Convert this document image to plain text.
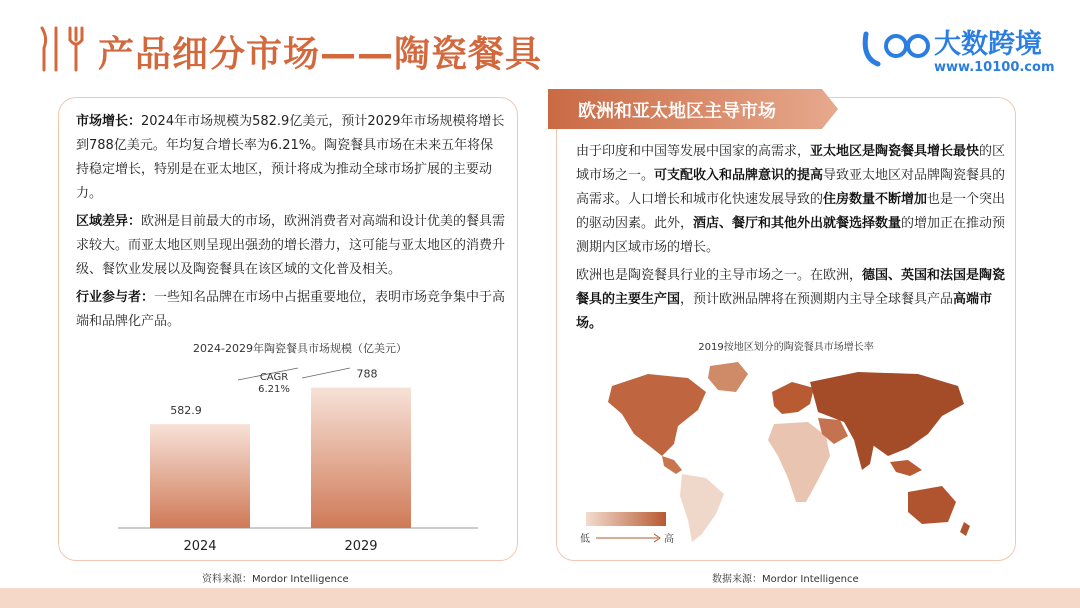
产品细分市场——陶瓷餐具	大数跨境
www.10100.com

市场增长：2024年市场规模为582.9亿美元，预计2029年市场规模将增长到788亿美元。年均复合增长率为6.21%。陶瓷餐具市场在未来五年将保持稳定增长，特别是在亚太地区，预计将成为推动全球市场扩展的主要动力。

区域差异：欧洲是目前最大的市场，欧洲消费者对高端和设计优美的餐具需求较大。而亚太地区则呈现出强劲的增长潜力，这可能与亚太地区的消费升级、餐饮业发展以及陶瓷餐具在该区域的文化普及相关。

行业参与者：一些知名品牌在市场中占据重要地位，表明市场竞争集中于高端和品牌化产品。

2024-2029年陶瓷餐具市场规模（亿美元）
CAGR
6.21%
582.9
2024
788
2029
资料来源：Mordor Intelligence
欧洲和亚太地区主导市场

由于印度和中国等发展中国家的高需求，亚太地区是陶瓷餐具增长最快的区域市场之一。可支配收入和品牌意识的提高导致亚太地区对品牌陶瓷餐具的高需求。人口增长和城市化快速发展导致的住房数量不断增加也是一个突出的驱动因素。此外，酒店、餐厅和其他外出就餐选择数量的增加正在推动预测期内区域市场的增长。

欧洲也是陶瓷餐具行业的主导市场之一。在欧洲，德国、英国和法国是陶瓷餐具的主要生产国，预计欧洲品牌将在预测期内主导全球餐具产品高端市场。

2019按地区划分的陶瓷餐具市场增长率
低	高
数据来源：Mordor Intelligence
